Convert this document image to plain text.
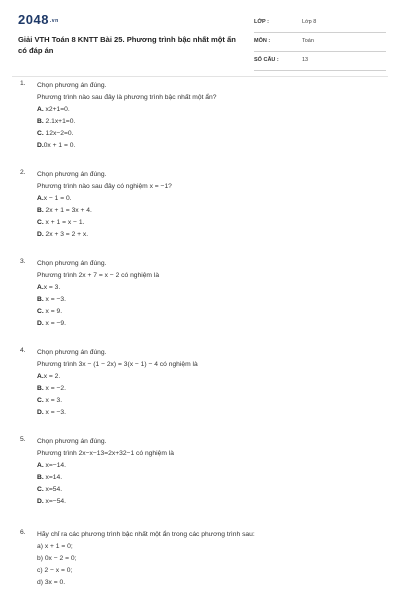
2048.vn
Giải VTH Toán 8 KNTT Bài 25. Phương trình bậc nhất một ẩn có đáp án
LỚP :	Lớp 8
MÔN :	Toán
SỐ CÂU :	13
1. Chọn phương án đúng.
Phương trình nào sau đây là phương trình bậc nhất một ẩn?
A. x2+1=0.
B. 2.1x+1=0.
C. 12x−2=0.
D.0x + 1 = 0.
2. Chọn phương án đúng.
Phương trình nào sau đây có nghiệm x = −1?
A.x − 1 = 0.
B. 2x + 1 = 3x + 4.
C. x + 1 = x − 1.
D. 2x + 3 = 2 + x.
3. Chọn phương án đúng.
Phương trình 2x + 7 = x − 2 có nghiệm là
A.x = 3.
B. x = −3.
C. x = 9.
D. x = −9.
4. Chọn phương án đúng.
Phương trình 3x − (1 − 2x) = 3(x − 1) − 4 có nghiệm là
A.x = 2.
B. x = −2.
C. x = 3.
D. x = −3.
5. Chọn phương án đúng.
Phương trình 2x−x−13=2x+32−1 có nghiệm là
A. x=−14.
B. x=14.
C. x=54.
D. x=−54.
6. Hãy chỉ ra các phương trình bậc nhất một ẩn trong các phương trình sau:
a) x + 1 = 0;
b) 0x − 2 = 0;
c) 2 − x = 0;
d) 3x = 0.
